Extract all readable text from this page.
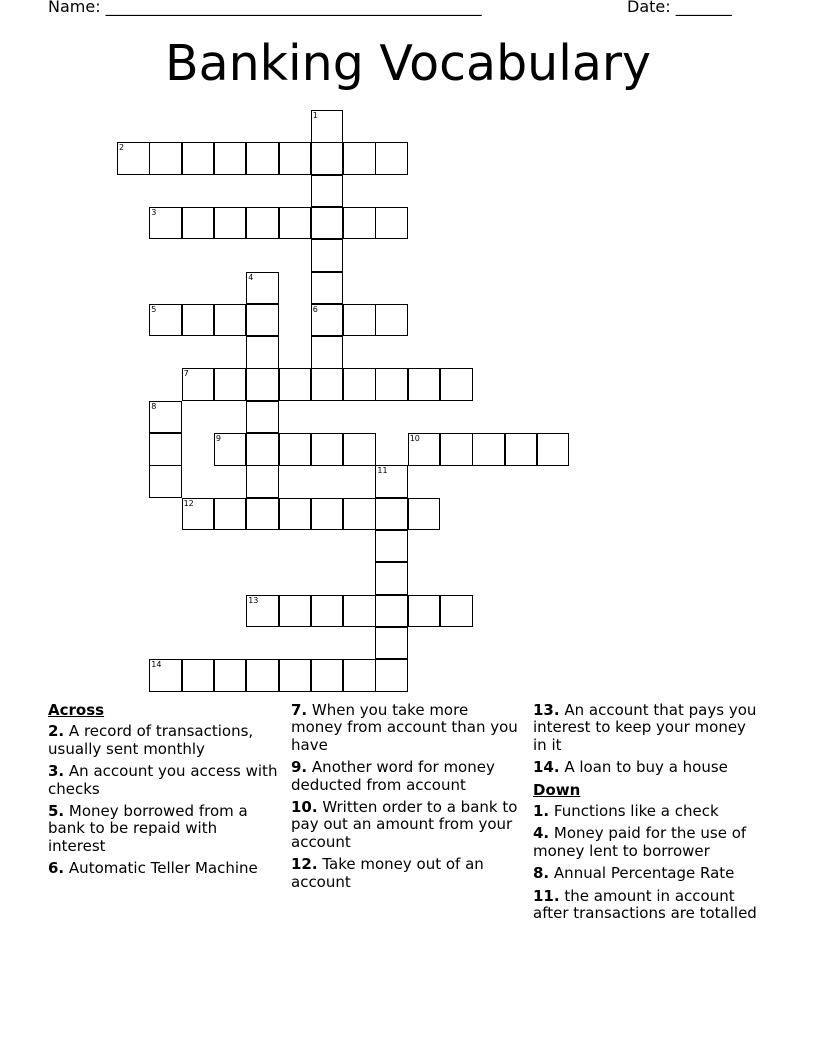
Name: _______________________________________________	Date: _______
Banking Vocabulary
1
6
2
3
4
5
7
8
9	10
11
12
13
14
Across
2. A record of transactions, usually sent monthly
3. An account you access with checks
5. Money borrowed from a bank to be repaid with interest
6. Automatic Teller Machine
7. When you take more money from account than you have
9. Another word for money deducted from account
10. Written order to a bank to pay out an amount from your account
12. Take money out of an account
13. An account that pays you interest to keep your money in it
14. A loan to buy a house
Down
1. Functions like a check
4. Money paid for the use of money lent to borrower
8. Annual Percentage Rate
11. the amount in account after transactions are totalled
